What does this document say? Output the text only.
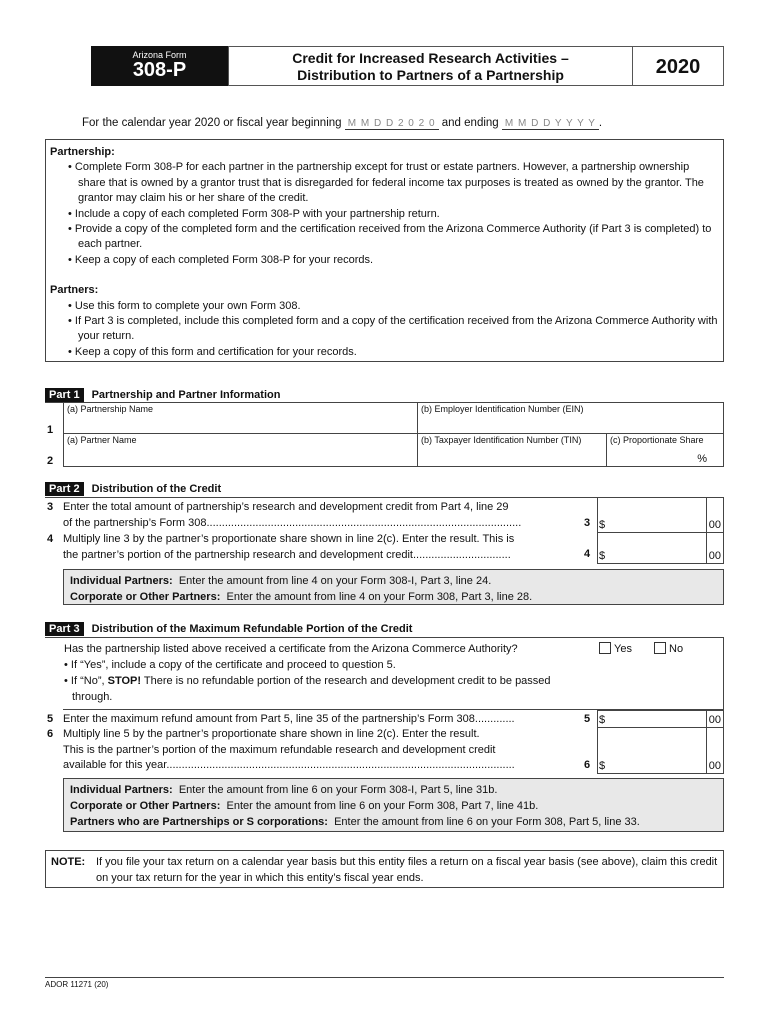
Arizona Form
308-P
Credit for Increased Research Activities –
Distribution to Partners of a Partnership	2020
For the calendar year 2020 or fiscal year beginning M M D D 2 0 2 0 and ending M M D D Y Y Y Y .
Partnership:
• Complete Form 308-P for each partner in the partnership except for trust or estate partners. However, a partnership ownership share that is owned by a grantor trust that is disregarded for federal income tax purposes is treated as owned by the grantor. The grantor may claim his or her share of the credit.
• Include a copy of each completed Form 308-P with your partnership return.
• Provide a copy of the completed form and the certification received from the Arizona Commerce Authority (if Part 3 is completed) to each partner.
• Keep a copy of each completed Form 308-P for your records.
Partners:
• Use this form to complete your own Form 308.
• If Part 3 is completed, include this completed form and a copy of the certification received from the Arizona Commerce Authority with your return.
• Keep a copy of this form and certification for your records.
Part 1 Partnership and Partner Information
1
(a) Partnership Name	(b) Employer Identification Number (EIN)
2
(a) Partner Name	(b) Taxpayer Identification Number (TIN)	(c) Proportionate Share
%
Part 2 Distribution of the Credit
3 Enter the total amount of partnership’s research and development credit from Part 4, line 29
of the partnership’s Form 308.......................................................................................................	3 $	00
4 Multiply line 3 by the partner’s proportionate share shown in line 2(c). Enter the result. This is
the partner’s portion of the partnership research and development credit................................	4 $	00
Individual Partners: Enter the amount from line 4 on your Form 308-I, Part 3, line 24.
Corporate or Other Partners: Enter the amount from line 4 on your Form 308, Part 3, line 28.
Part 3 Distribution of the Maximum Refundable Portion of the Credit
Has the partnership listed above received a certificate from the Arizona Commerce Authority?	Yes	No
• If “Yes”, include a copy of the certificate and proceed to question 5.
• If “No”, STOP! There is no refundable portion of the research and development credit to be passed through.
5 Enter the maximum refund amount from Part 5, line 35 of the partnership’s Form 308.............	5 $	00
6 Multiply line 5 by the partner’s proportionate share shown in line 2(c). Enter the result.
This is the partner’s portion of the maximum refundable research and development credit
available for this year..................................................................................................................	6 $	00
Individual Partners: Enter the amount from line 6 on your Form 308-I, Part 5, line 31b.
Corporate or Other Partners: Enter the amount from line 6 on your Form 308, Part 7, line 41b.
Partners who are Partnerships or S corporations: Enter the amount from line 6 on your Form 308, Part 5, line 33.
NOTE: If you file your tax return on a calendar year basis but this entity files a return on a fiscal year basis (see above), claim this credit on your tax return for the year in which this entity’s fiscal year ends.
ADOR 11271 (20)
